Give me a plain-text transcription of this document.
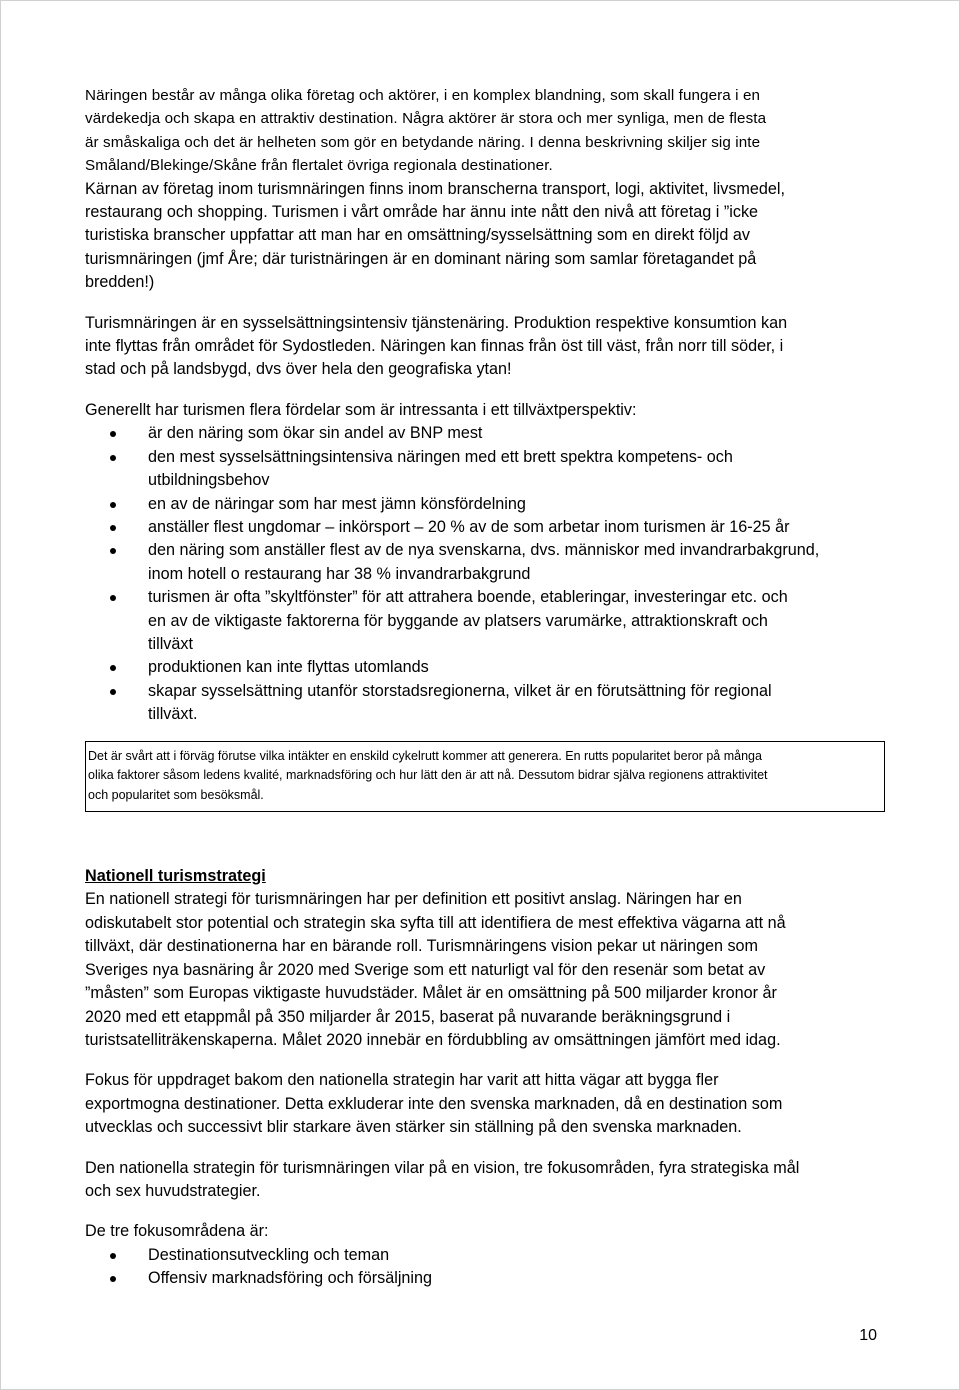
Näringen består av många olika företag och aktörer, i en komplex blandning, som skall fungera i en

värdekedja och skapa en attraktiv destination. Några aktörer är stora och mer synliga, men de flesta

är småskaliga och det är helheten som gör en betydande näring. I denna beskrivning skiljer sig inte

Småland/Blekinge/Skåne från flertalet övriga regionala destinationer.

Kärnan av företag inom turismnäringen finns inom branscherna transport, logi, aktivitet, livsmedel,

restaurang och shopping. Turismen i vårt område har ännu inte nått den nivå att företag i ”icke

turistiska branscher uppfattar att man har en omsättning/sysselsättning som en direkt följd av

turismnäringen (jmf Åre; där turistnäringen är en dominant näring som samlar företagandet på

bredden!)

Turismnäringen är en sysselsättningsintensiv tjänstenäring. Produktion respektive konsumtion kan

inte flyttas från området för Sydostleden. Näringen kan finnas från öst till väst, från norr till söder, i

stad och på landsbygd, dvs över hela den geografiska ytan!

Generellt har turismen flera fördelar som är intressanta i ett tillväxtperspektiv:

är den näring som ökar sin andel av BNP mest

den mest sysselsättningsintensiva näringen med ett brett spektra kompetens- och

utbildningsbehov

en av de näringar som har mest jämn könsfördelning

anställer flest ungdomar – inkörsport – 20 % av de som arbetar inom turismen är 16-25 år

den näring som anställer flest av de nya svenskarna, dvs. människor med invandrarbakgrund,

inom hotell o restaurang har 38 % invandrarbakgrund

turismen är ofta ”skyltfönster” för att attrahera boende, etableringar, investeringar etc. och

en av de viktigaste faktorerna för byggande av platsers varumärke, attraktionskraft och

tillväxt

produktionen kan inte flyttas utomlands

skapar sysselsättning utanför storstadsregionerna, vilket är en förutsättning för regional

tillväxt.

Det är svårt att i förväg förutse vilka intäkter en enskild cykelrutt kommer att generera. En rutts popularitet beror på många

olika faktorer såsom ledens kvalité, marknadsföring och hur lätt den är att nå. Dessutom bidrar själva regionens attraktivitet

och popularitet som besöksmål.

Nationell turismstrategi

En nationell strategi för turismnäringen har per definition ett positivt anslag. Näringen har en

odiskutabelt stor potential och strategin ska syfta till att identifiera de mest effektiva vägarna att nå

tillväxt, där destinationerna har en bärande roll. Turismnäringens vision pekar ut näringen som

Sveriges nya basnäring år 2020 med Sverige som ett naturligt val för den resenär som betat av

”måsten” som Europas viktigaste huvudstäder. Målet är en omsättning på 500 miljarder kronor år

2020 med ett etappmål på 350 miljarder år 2015, baserat på nuvarande beräkningsgrund i

turistsatelliträkenskaperna. Målet 2020 innebär en fördubbling av omsättningen jämfört med idag.

Fokus för uppdraget bakom den nationella strategin har varit att hitta vägar att bygga fler

exportmogna destinationer. Detta exkluderar inte den svenska marknaden, då en destination som

utvecklas och successivt blir starkare även stärker sin ställning på den svenska marknaden.

Den nationella strategin för turismnäringen vilar på en vision, tre fokusområden, fyra strategiska mål

och sex huvudstrategier.

De tre fokusområdena är:

Destinationsutveckling och teman

Offensiv marknadsföring och försäljning

10
